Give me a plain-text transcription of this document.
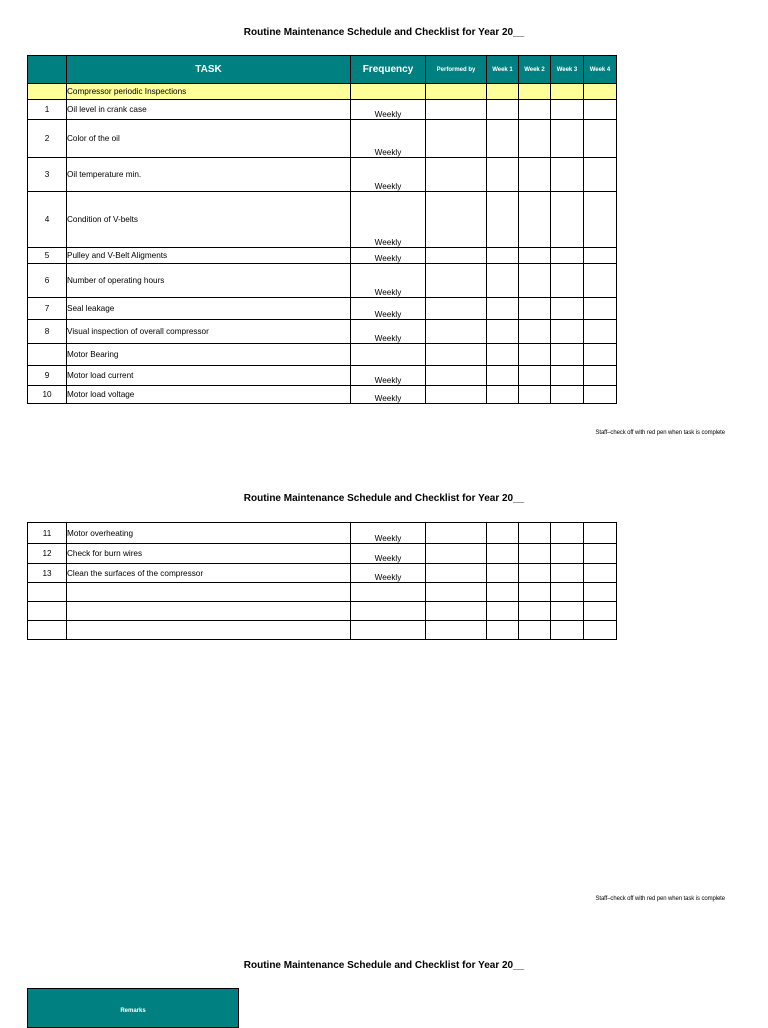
Routine Maintenance Schedule and Checklist for Year 20__
	TASK	Frequency	Performed by	Week 1	Week 2	Week 3	Week 4
	Compressor periodic Inspections						
1	Oil level in crank case	Weekly					
2	Color of the oil	Weekly					
3	Oil temperature min.	Weekly					
4	Condition of V-belts	Weekly					
5	Pulley and V-Belt Aligments	Weekly					
6	Number of operating hours	Weekly					
7	Seal leakage	Weekly					
8	Visual inspection of overall compressor	Weekly					
	Motor Bearing						
9	Motor load current	Weekly					
10	Motor load voltage	Weekly					
Staff–check off with red pen when task is complete
Routine Maintenance Schedule and Checklist for Year 20__
11	Motor overheating	Weekly					
12	Check for burn wires	Weekly					
13	Clean the surfaces of the compressor	Weekly					

Staff–check off with red pen when task is complete
Routine Maintenance Schedule and Checklist for Year 20__
Remarks
